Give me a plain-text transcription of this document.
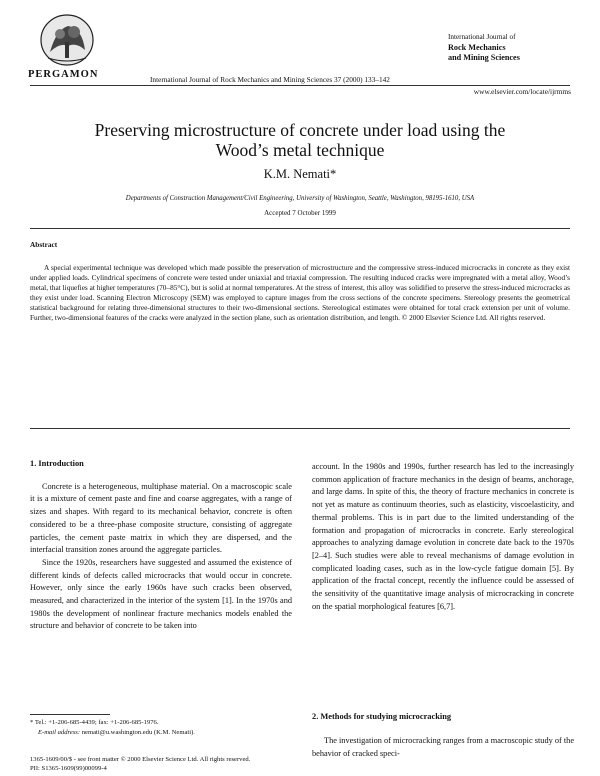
PERGAMON	International Journal of Rock Mechanics and Mining Sciences 37 (2000) 133–142
International Journal of
Rock Mechanics
and Mining Sciences
www.elsevier.com/locate/ijrmms
Preserving microstructure of concrete under load using the
Wood’s metal technique
K.M. Nemati*
Departments of Construction Management/Civil Engineering, University of Washington, Seattle, Washington, 98195-1610, USA
Accepted 7 October 1999
Abstract
A special experimental technique was developed which made possible the preservation of microstructure and the compressive stress-induced microcracks in concrete as they exist under applied loads. Cylindrical specimens of concrete were tested under uniaxial and triaxial compression. The resulting induced cracks were impregnated with a metal alloy, Wood’s metal, that liquefies at higher temperatures (70–85°C), but is solid at normal temperatures. At the stress of interest, this alloy was solidified to preserve the stress-induced microcracks as they exist under load. Scanning Electron Microscopy (SEM) was employed to capture images from the cross sections of the concrete specimens. Stereology presents the geometrical statistical background for relating three-dimensional structures to their two-dimensional sections. Stereological estimates were obtained for total crack extension per unit of volume. Further, two-dimensional features of the cracks were analyzed in the section plane, such as orientation distribution, and length. © 2000 Elsevier Science Ltd. All rights reserved.
1. Introduction

Concrete is a heterogeneous, multiphase material. On a macroscopic scale it is a mixture of cement paste and fine and coarse aggregates, with a range of sizes and shapes. With regard to its mechanical behavior, concrete is often considered to be a three-phase composite structure, consisting of aggregate particles, the cement paste matrix in which they are dispersed, and the interfacial transition zones around the aggregate particles.

Since the 1920s, researchers have suggested and assumed the existence of different kinds of defects called microcracks that would occur in concrete. However, only since the early 1960s have such cracks been observed, measured, and characterized in the interior of the system [1]. In the 1970s and 1980s the development of nonlinear fracture mechanics models enabled the structure and behavior of concrete to be taken into

account. In the 1980s and 1990s, further research has led to the increasingly common application of fracture mechanics in the design of beams, anchorage, and large dams. In spite of this, the theory of fracture mechanics in concrete is not yet as mature as continuum theories, such as elasticity, viscoelasticity, and thermal problems. This is in part due to the limited understanding of the formation and propagation of microcracks in concrete. Early stereological approaches to analyzing damage evolution in concrete date back to the 1970s [2–4]. Such studies were able to reveal mechanisms of damage evolution in complicated loading cases, such as in the low-cycle fatigue domain [5]. By application of the fractal concept, recently the influence could be assessed of the sensitivity of the quantitative image analysis of microcracking in concrete on the spatial morphological features [6,7].

2. Methods for studying microcracking
The investigation of microcracking ranges from a macroscopic study of the behavior of cracked speci-
* Tel.: +1-206-685-4439; fax: +1-206-685-1976.
E-mail address: nemati@u.washington.edu (K.M. Nemati).
1365-1609/00/$ - see front matter © 2000 Elsevier Science Ltd. All rights reserved.
PII: S1365-1609(99)00099-4
